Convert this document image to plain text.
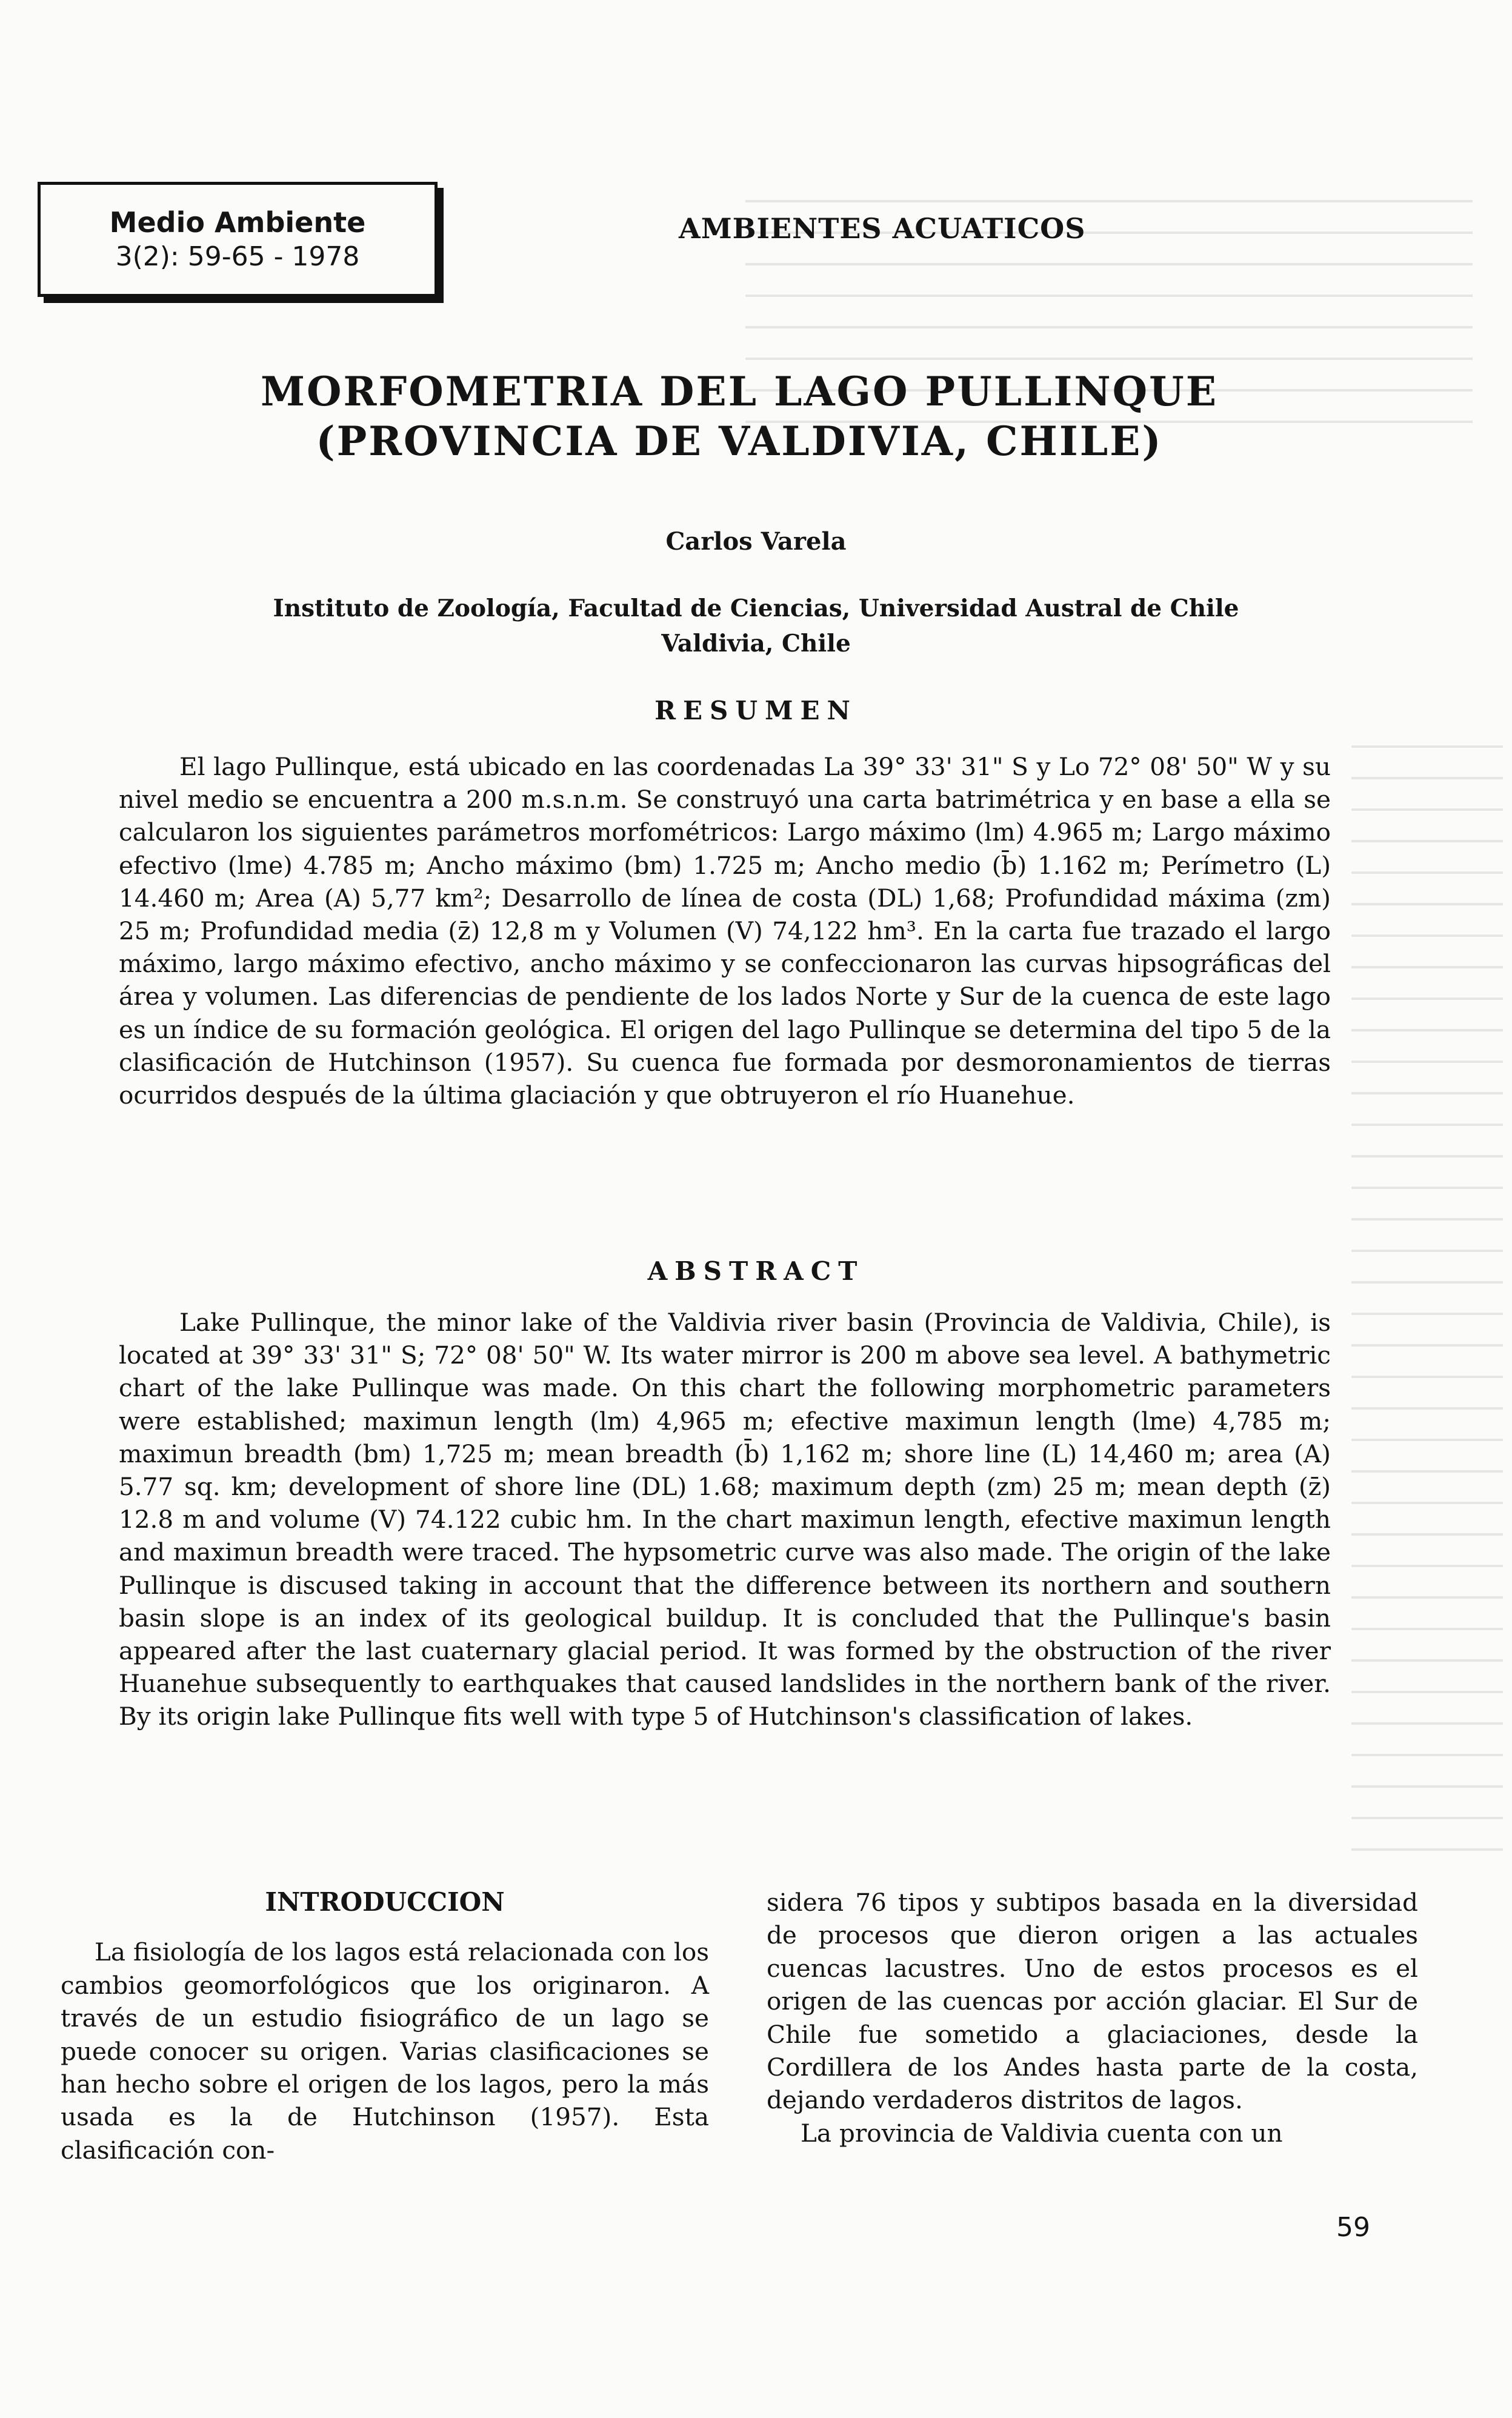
Medio Ambiente
3(2): 59-65 - 1978
AMBIENTES ACUATICOS
MORFOMETRIA DEL LAGO PULLINQUE (PROVINCIA DE VALDIVIA, CHILE)
Carlos Varela
Instituto de Zoología, Facultad de Ciencias, Universidad Austral de Chile
Valdivia, Chile
RESUMEN

El lago Pullinque, está ubicado en las coordenadas La 39° 33' 31" S y Lo 72° 08' 50" W y su nivel medio se encuentra a 200 m.s.n.m. Se construyó una carta batrimétrica y en base a ella se calcularon los siguientes parámetros morfométricos: Largo máximo (lm) 4.965 m; Largo máximo efectivo (lme) 4.785 m; Ancho máximo (bm) 1.725 m; Ancho medio (b̄) 1.162 m; Perímetro (L) 14.460 m; Area (A) 5,77 km²; Desarrollo de línea de costa (DL) 1,68; Profundidad máxima (zm) 25 m; Profundidad media (z̄) 12,8 m y Volumen (V) 74,122 hm³. En la carta fue trazado el largo máximo, largo máximo efectivo, ancho máximo y se confeccionaron las curvas hipsográficas del área y volumen. Las diferencias de pendiente de los lados Norte y Sur de la cuenca de este lago es un índice de su formación geológica. El origen del lago Pullinque se determina del tipo 5 de la clasificación de Hutchinson (1957). Su cuenca fue formada por desmoronamientos de tierras ocurridos después de la última glaciación y que obtruyeron el río Huanehue.

ABSTRACT

Lake Pullinque, the minor lake of the Valdivia river basin (Provincia de Valdivia, Chile), is located at 39° 33' 31" S; 72° 08' 50" W. Its water mirror is 200 m above sea level. A bathymetric chart of the lake Pullinque was made. On this chart the following morphometric parameters were established; maximun length (lm) 4,965 m; efective maximun length (lme) 4,785 m; maximun breadth (bm) 1,725 m; mean breadth (b̄) 1,162 m; shore line (L) 14,460 m; area (A) 5.77 sq. km; development of shore line (DL) 1.68; maximum depth (zm) 25 m; mean depth (z̄) 12.8 m and volume (V) 74.122 cubic hm. In the chart maximun length, efective maximun length and maximun breadth were traced. The hypsometric curve was also made. The origin of the lake Pullinque is discused taking in account that the difference between its northern and southern basin slope is an index of its geological buildup. It is concluded that the Pullinque's basin appeared after the last cuaternary glacial period. It was formed by the obstruction of the river Huanehue subsequently to earthquakes that caused landslides in the northern bank of the river. By its origin lake Pullinque fits well with type 5 of Hutchinson's classification of lakes.

INTRODUCCION

La fisiología de los lagos está relacionada con los cambios geomorfológicos que los originaron. A través de un estudio fisiográfico de un lago se puede conocer su origen. Varias clasificaciones se han hecho sobre el origen de los lagos, pero la más usada es la de Hutchinson (1957). Esta clasificación con-

sidera 76 tipos y subtipos basada en la diversidad de procesos que dieron origen a las actuales cuencas lacustres. Uno de estos procesos es el origen de las cuencas por acción glaciar. El Sur de Chile fue sometido a glaciaciones, desde la Cordillera de los Andes hasta parte de la costa, dejando verdaderos distritos de lagos.

La provincia de Valdivia cuenta con un

59
